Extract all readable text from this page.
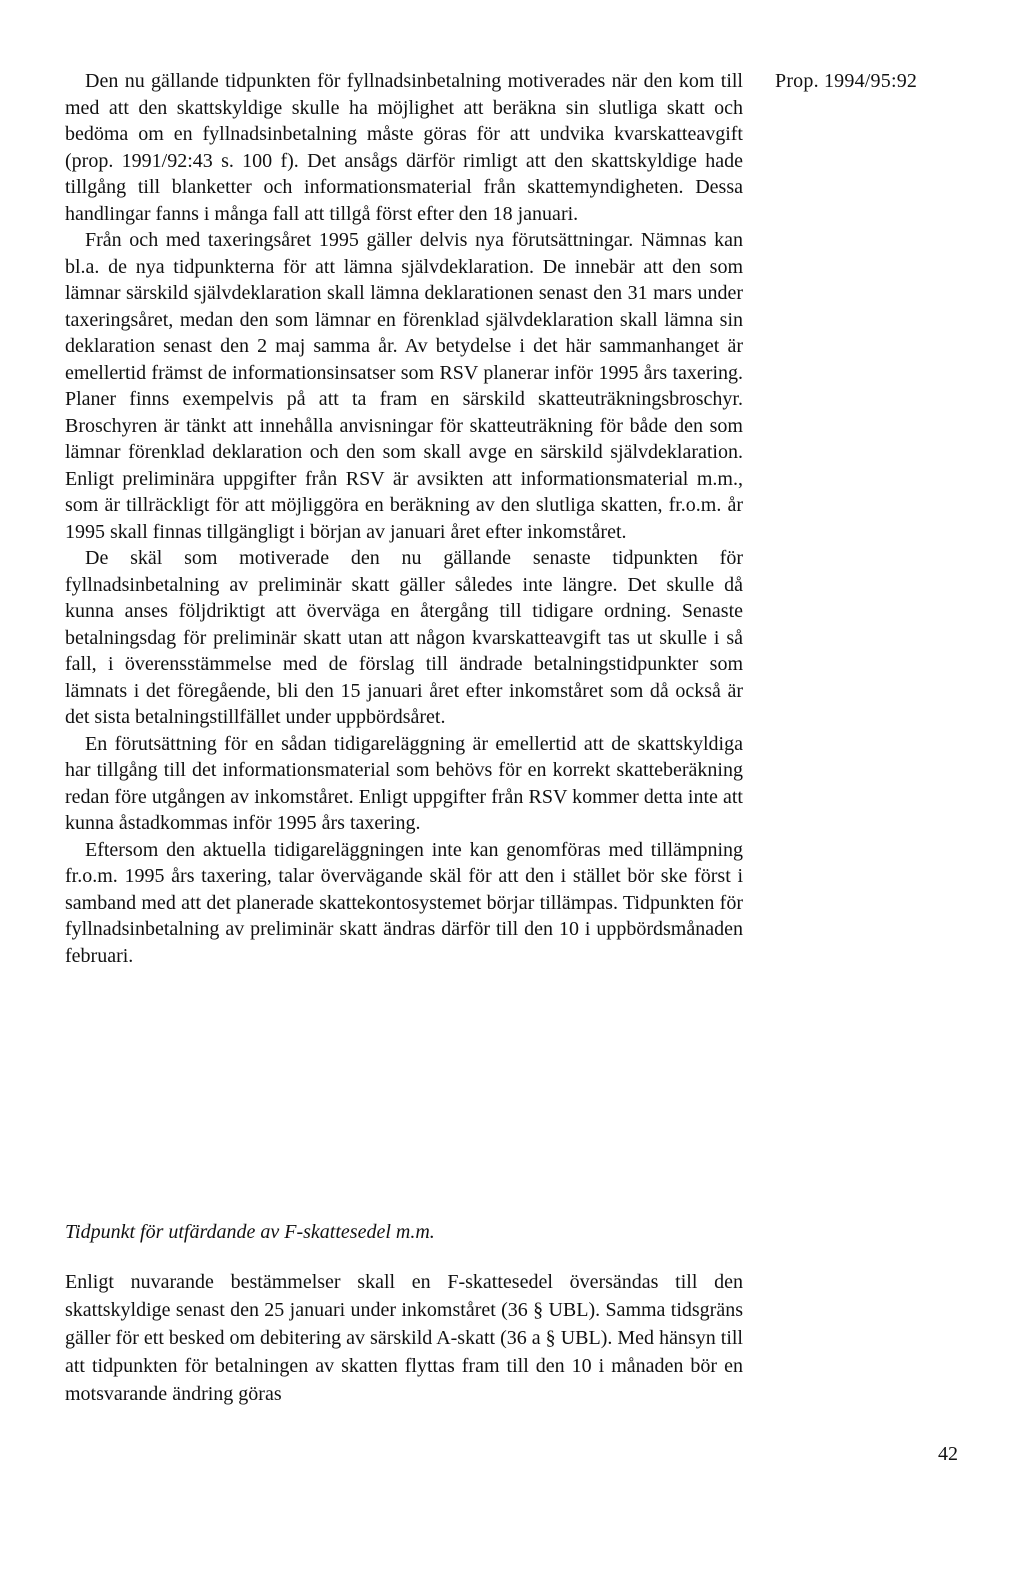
Prop. 1994/95:92

Den nu gällande tidpunkten för fyllnadsinbetalning motiverades när den kom till med att den skattskyldige skulle ha möjlighet att beräkna sin slutliga skatt och bedöma om en fyllnadsinbetalning måste göras för att undvika kvarskatteavgift (prop. 1991/92:43 s. 100 f). Det ansågs därför rimligt att den skattskyldige hade tillgång till blanketter och informationsmaterial från skattemyndigheten. Dessa handlingar fanns i många fall att tillgå först efter den 18 januari.

Från och med taxeringsåret 1995 gäller delvis nya förutsättningar. Nämnas kan bl.a. de nya tidpunkterna för att lämna självdeklaration. De innebär att den som lämnar särskild självdeklaration skall lämna deklarationen senast den 31 mars under taxeringsåret, medan den som lämnar en förenklad självdeklaration skall lämna sin deklaration senast den 2 maj samma år. Av betydelse i det här sammanhanget är emellertid främst de informationsinsatser som RSV planerar inför 1995 års taxering. Planer finns exempelvis på att ta fram en särskild skatteuträkningsbroschyr. Broschyren är tänkt att innehålla anvisningar för skatteuträkning för både den som lämnar förenklad deklaration och den som skall avge en särskild självdeklaration. Enligt preliminära uppgifter från RSV är avsikten att informationsmaterial m.m., som är tillräckligt för att möjliggöra en beräkning av den slutliga skatten, fr.o.m. år 1995 skall finnas tillgängligt i början av januari året efter inkomståret.

De skäl som motiverade den nu gällande senaste tidpunkten för fyllnadsinbetalning av preliminär skatt gäller således inte längre. Det skulle då kunna anses följdriktigt att överväga en återgång till tidigare ordning. Senaste betalningsdag för preliminär skatt utan att någon kvarskatteavgift tas ut skulle i så fall, i överensstämmelse med de förslag till ändrade betalningstidpunkter som lämnats i det föregående, bli den 15 januari året efter inkomståret som då också är det sista betalningstillfället under uppbördsåret.

En förutsättning för en sådan tidigareläggning är emellertid att de skattskyldiga har tillgång till det informationsmaterial som behövs för en korrekt skatteberäkning redan före utgången av inkomståret. Enligt uppgifter från RSV kommer detta inte att kunna åstadkommas inför 1995 års taxering.

Eftersom den aktuella tidigareläggningen inte kan genomföras med tillämpning fr.o.m. 1995 års taxering, talar övervägande skäl för att den i stället bör ske först i samband med att det planerade skattekontosystemet börjar tillämpas. Tidpunkten för fyllnadsinbetalning av preliminär skatt ändras därför till den 10 i uppbördsmånaden februari.

Tidpunkt för utfärdande av F-skattesedel m.m.

Enligt nuvarande bestämmelser skall en F-skattesedel översändas till den skattskyldige senast den 25 januari under inkomståret (36 § UBL). Samma tidsgräns gäller för ett besked om debitering av särskild A-skatt (36 a § UBL). Med hänsyn till att tidpunkten för betalningen av skatten flyttas fram till den 10 i månaden bör en motsvarande ändring göras

42
